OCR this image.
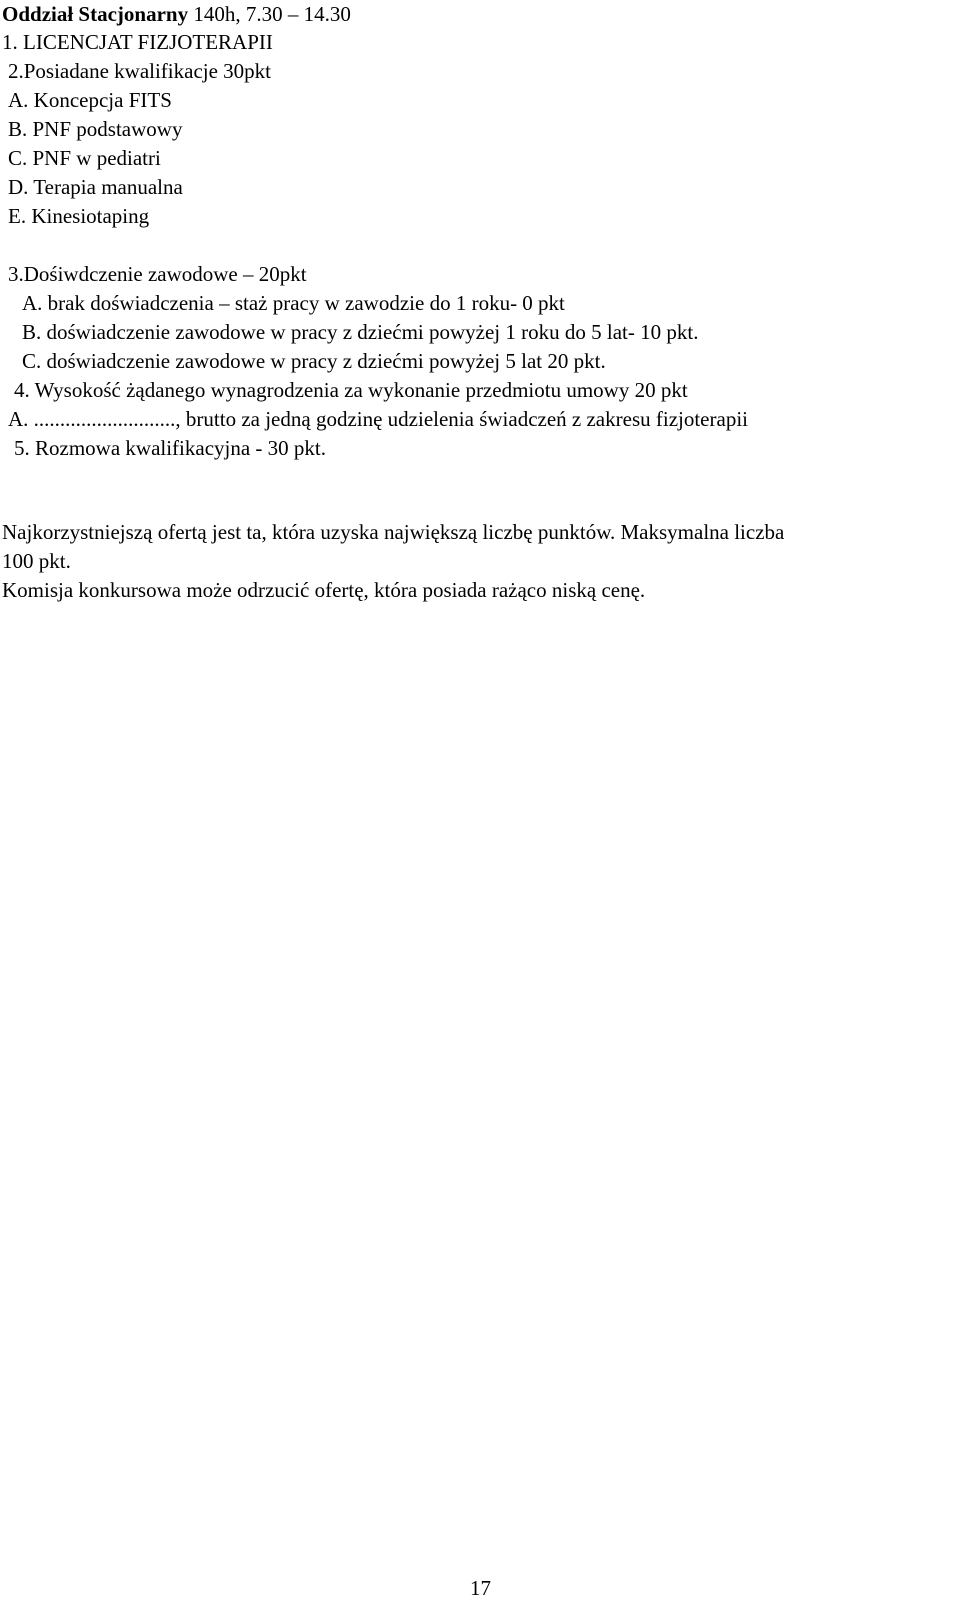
Oddział Stacjonarny 140h, 7.30 – 14.30
1. LICENCJAT FIZJOTERAPII
2.Posiadane kwalifikacje 30pkt
A. Koncepcja FITS
B. PNF podstawowy
C. PNF w pediatri
D. Terapia manualna
E. Kinesiotaping
3.Dośiwdczenie zawodowe – 20pkt
A. brak doświadczenia – staż pracy w zawodzie do 1 roku- 0 pkt
B. doświadczenie zawodowe w pracy z dziećmi powyżej 1 roku do 5 lat- 10 pkt.
C. doświadczenie zawodowe w pracy z dziećmi powyżej 5 lat 20 pkt.
4. Wysokość żądanego wynagrodzenia za wykonanie przedmiotu umowy 20 pkt
A. ..........................., brutto za jedną godzinę udzielenia świadczeń z zakresu fizjoterapii
5. Rozmowa kwalifikacyjna - 30 pkt.
Najkorzystniejszą ofertą jest ta, która uzyska największą liczbę punktów. Maksymalna liczba
100 pkt.
Komisja konkursowa może odrzucić ofertę, która posiada rażąco niską cenę.
17
